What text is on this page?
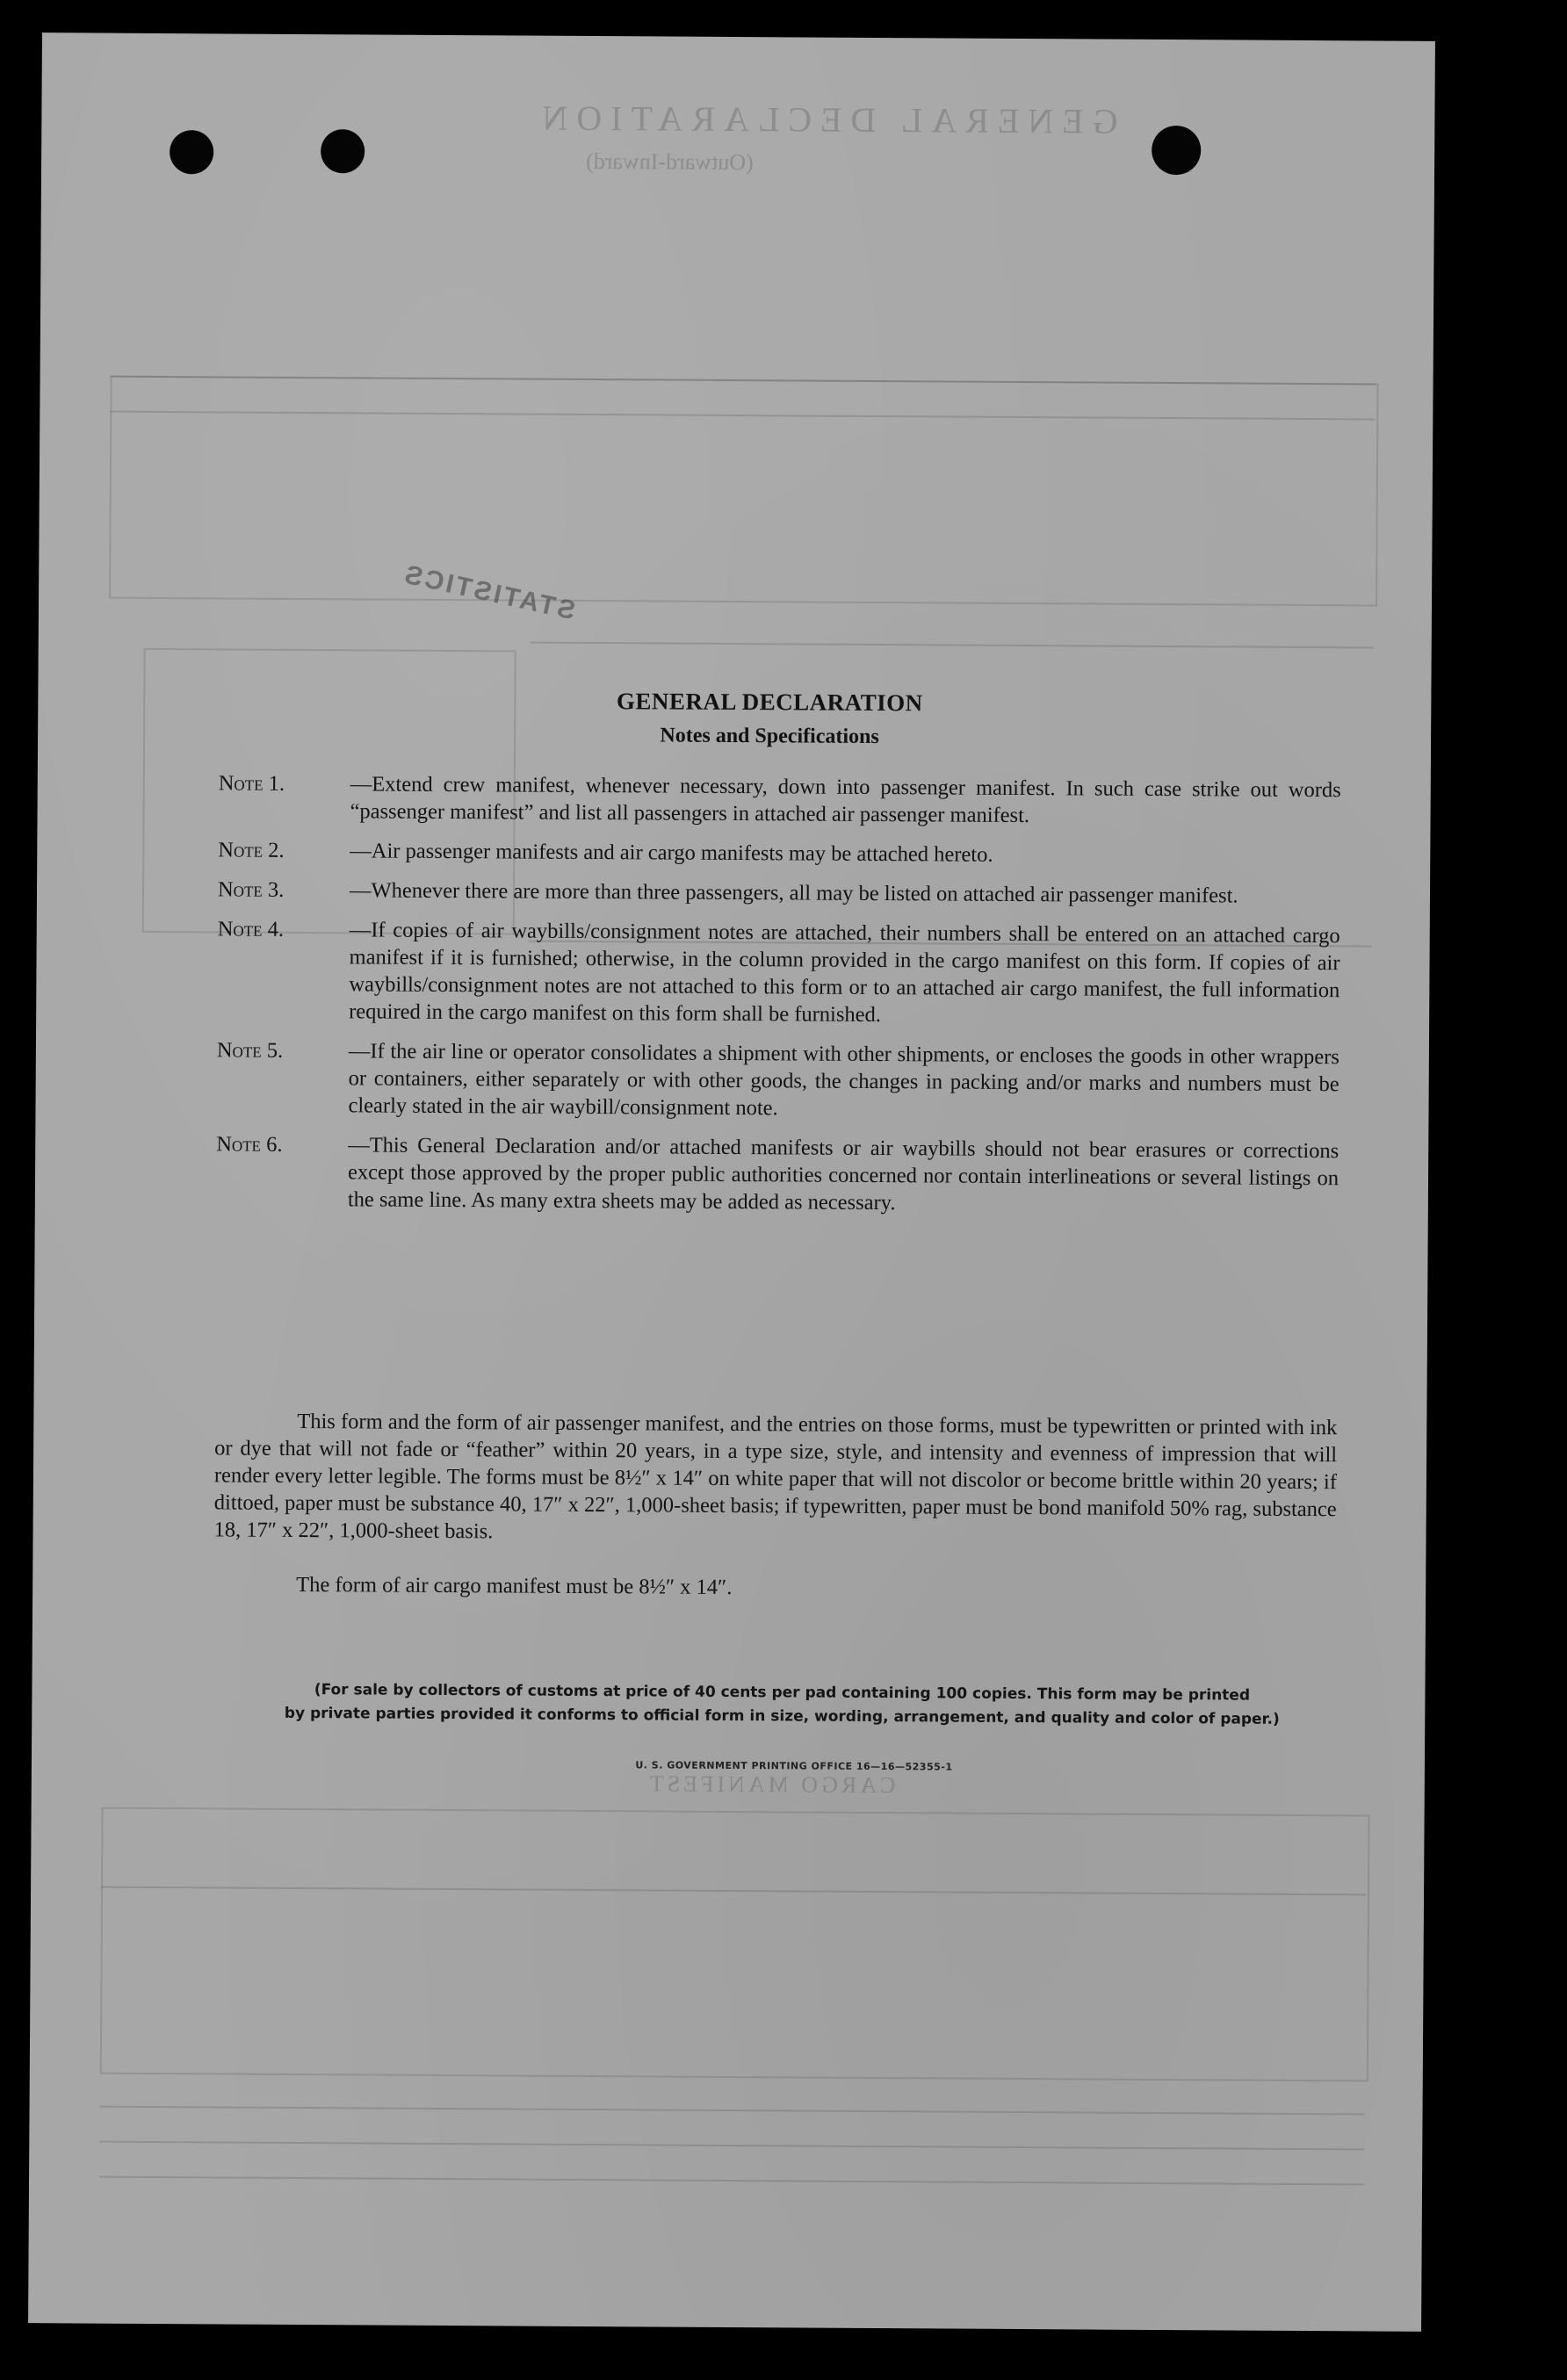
GENERAL DECLARATION
(Outward-Inward)
CARGO MANIFEST
STATISTICS
GENERAL DECLARATION
Notes and Specifications
Note 1.	—Extend crew manifest, whenever necessary, down into passenger manifest. In such case strike out words “passenger manifest” and list all passengers in attached air passenger manifest.
Note 2.	—Air passenger manifests and air cargo manifests may be attached hereto.
Note 3.	—Whenever there are more than three passengers, all may be listed on attached air passenger manifest.
Note 4.	—If copies of air waybills/consignment notes are attached, their numbers shall be entered on an attached cargo manifest if it is furnished; otherwise, in the column provided in the cargo manifest on this form. If copies of air waybills/consignment notes are not attached to this form or to an attached air cargo manifest, the full information required in the cargo manifest on this form shall be furnished.
Note 5.	—If the air line or operator consolidates a shipment with other shipments, or encloses the goods in other wrappers or containers, either separately or with other goods, the changes in packing and/or marks and numbers must be clearly stated in the air waybill/consignment note.
Note 6.	—This General Declaration and/or attached manifests or air waybills should not bear erasures or corrections except those approved by the proper public authorities concerned nor contain interlineations or several listings on the same line. As many extra sheets may be added as necessary.
This form and the form of air passenger manifest, and the entries on those forms, must be typewritten or printed with ink or dye that will not fade or “feather” within 20 years, in a type size, style, and intensity and evenness of impression that will render every letter legible. The forms must be 8½″ x 14″ on white paper that will not discolor or become brittle within 20 years; if dittoed, paper must be substance 40, 17″ x 22″, 1,000-sheet basis; if typewritten, paper must be bond manifold 50% rag, substance 18, 17″ x 22″, 1,000-sheet basis.
The form of air cargo manifest must be 8½″ x 14″.
(For sale by collectors of customs at price of 40 cents per pad containing 100 copies. This form may be printed
by private parties provided it conforms to official form in size, wording, arrangement, and quality and color of paper.)
U. S. GOVERNMENT PRINTING OFFICE 16—16—52355-1
